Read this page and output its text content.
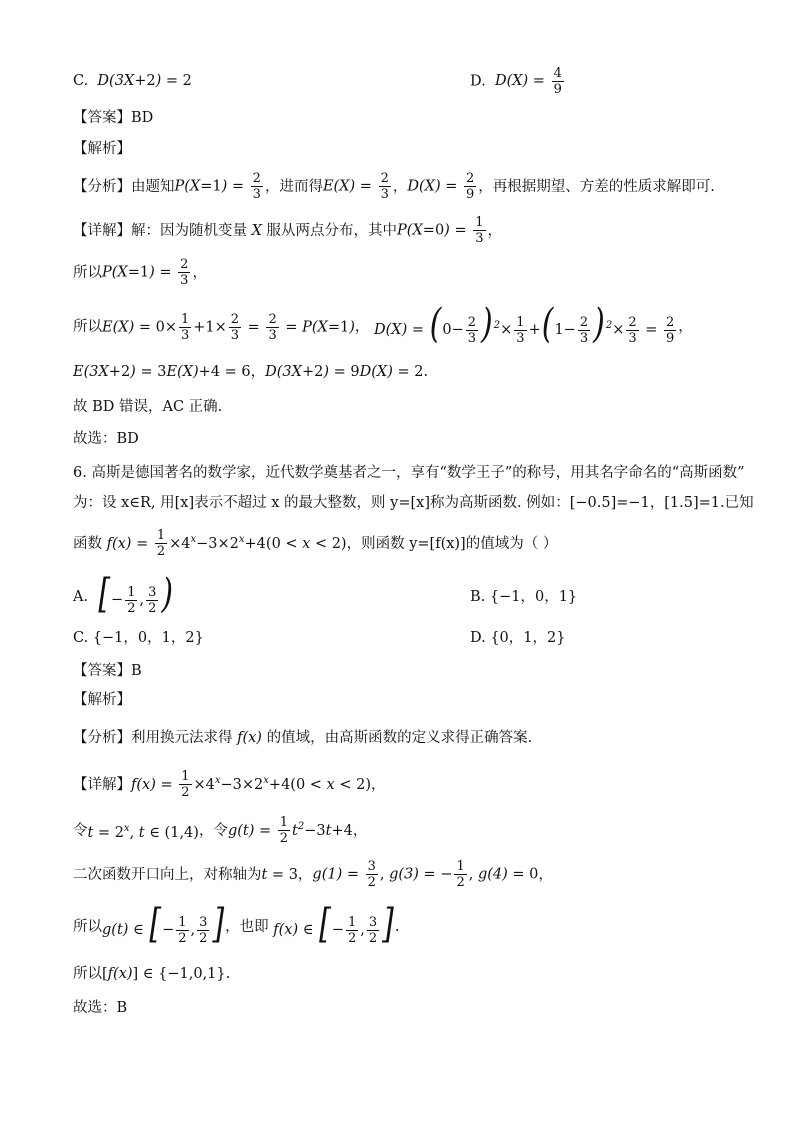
C.
D(3X+2) = 2	D. $D(X) = \frac{4}{9}$
【答案】BD
【解析】
【分析】由题知 $P(X=1) = \frac{2}{3}$ ，进而得 $E(X) = \frac{2}{3}$ ， $D(X) = \frac{2}{9}$ ，再根据期望、方差的性质求解即可.
【详解】解：因为随机变量
X
服从两点分布，其中 $P(X=0) = \frac{1}{3}$ ，
所以 $P(X=1) = \frac{2}{3}$ ，
所以 $E(X) = 0\times \frac{1}{3} +1\times \frac{2}{3} = \frac{2}{3} = P(X=1)$ ， $D(X) = (0- \frac{2}{3} )^2\times \frac{1}{3} +(1- \frac{2}{3} )^2\times \frac{2}{3} = \frac{2}{9}$ ，
E(3X+2) = 3E(X)+4 = 6 ， D(3X+2) = 9D(X) = 2 .
故 BD 错误，AC 正确.
故选：BD
6. 高斯是德国著名的数学家，近代数学奠基者之一，享有“数学王子”的称号，用其名字命名的“高斯函数”
为：设 x∈R, 用[x]表示不超过 x 的最大整数，则 y=[x]称为高斯函数. 例如：[−0.5]=−1，[1.5]=1.已知
函数 $f(x) = \frac{1}{2} \times 4^x-3\times 2^x+4(0 < x < 2)$ ，则函数 y=[f(x)]的值域为（ ）
A.
[− $\frac{1}{2}$ , $\frac{3}{2}$ )	B. {−1，0，1}
C. {−1，0，1，2}	D. {0，1，2}
【答案】B
【解析】
【分析】利用换元法求得 f(x) 的值域，由高斯函数的定义求得正确答案.
【详解】 $f(x) = \frac{1}{2} \times 4^x-3\times 2^x+4(0 < x < 2)$ ，
令 $t = 2^x$, t ∈ (1,4) ，令 $g(t) = \frac{1}{2} t^2-3t+4$ ，
二次函数开口向上，对称轴为 t = 3 ， $g(1) = \frac{3}{2}$ , g(3) = − $\frac{1}{2}$ , g(4) = 0 ，
所以 g(t) ∈ [− $\frac{1}{2}$ , $\frac{3}{2}$ ] ，也即 f(x) ∈ [− $\frac{1}{2}$ , $\frac{3}{2}$ ] .
所以 [f(x)] ∈ {−1,0,1} .
故选：B
